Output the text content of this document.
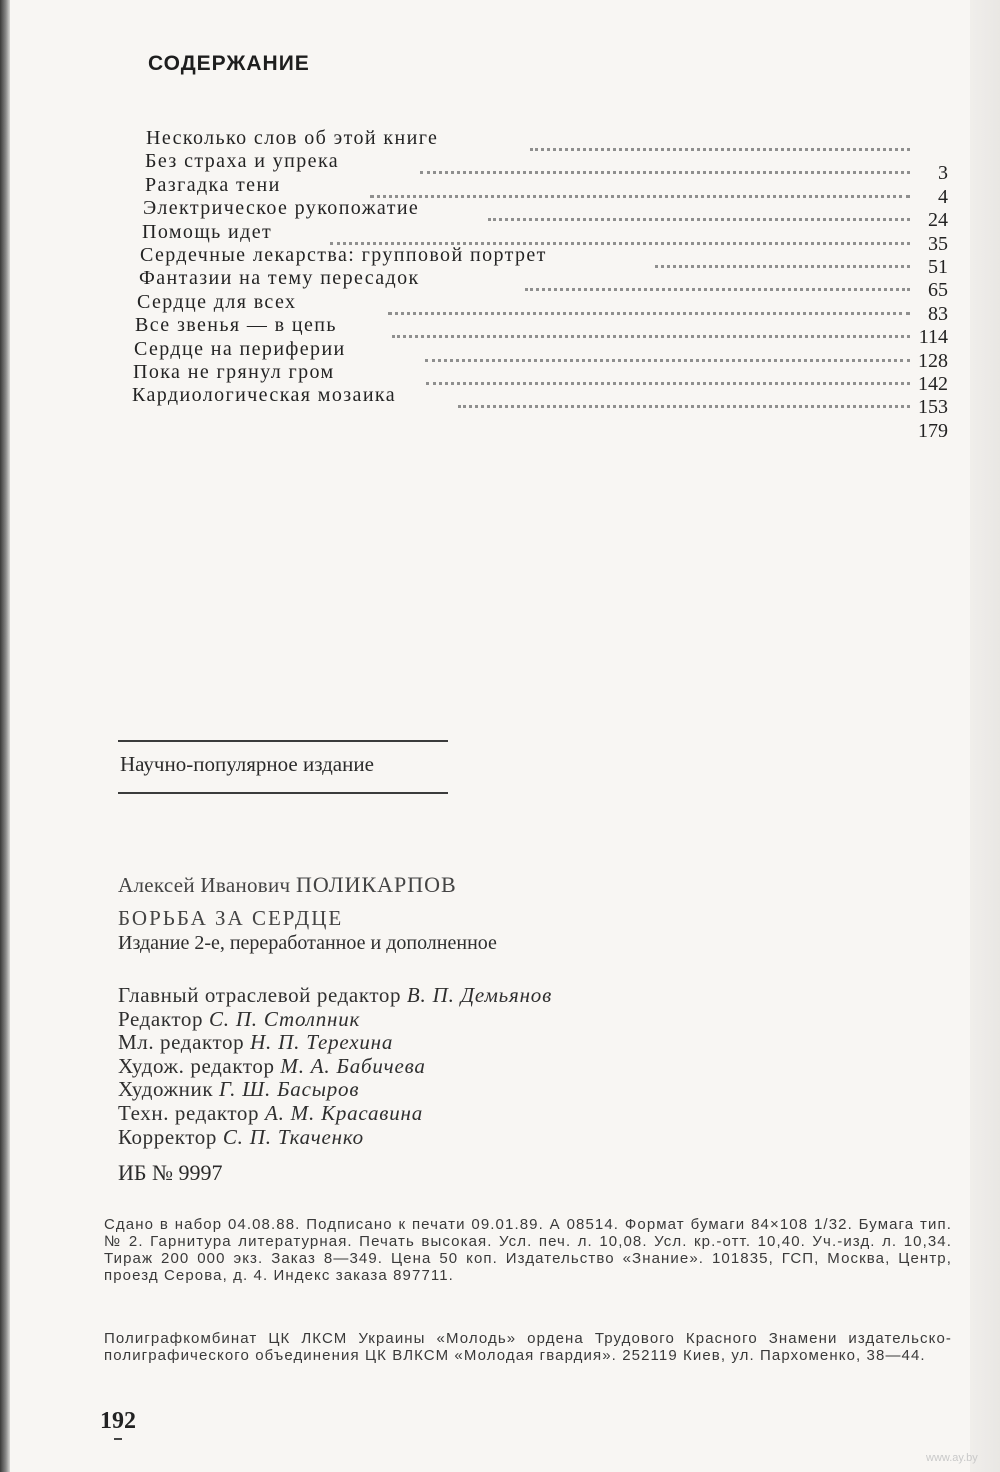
СОДЕРЖАНИЕ
Несколько слов об этой книге
Без страха и упрека
3
Разгадка тени
4
Электрическое рукопожатие
24
Помощь идет
35
Сердечные лекарства: групповой портрет
51
Фантазии на тему пересадок
65
Сердце для всех
83
Все звенья — в цепь
114
Сердце на периферии
128
Пока не грянул гром
142
Кардиологическая мозаика
153
179
Научно-популярное издание
Алексей Иванович ПОЛИКАРПОВ
БОРЬБА ЗА СЕРДЦЕ
Издание 2-е, переработанное и дополненное
Главный отраслевой редактор В. П. Демьянов
Редактор С. П. Столпник
Мл. редактор Н. П. Терехина
Худож. редактор М. А. Бабичева
Художник Г. Ш. Басыров
Техн. редактор А. М. Красавина
Корректор С. П. Ткаченко
ИБ № 9997
Сдано в набор 04.08.88. Подписано к печати 09.01.89. А 08514. Формат бумаги 84×108 1/32. Бумага тип. № 2. Гарнитура литературная. Печать высокая. Усл. печ. л. 10,08. Усл. кр.-отт. 10,40. Уч.-изд. л. 10,34. Тираж 200 000 экз. Заказ 8—349. Цена 50 коп. Издательство «Знание». 101835, ГСП, Москва, Центр, проезд Серова, д. 4. Индекс заказа 897711.
Полиграфкомбинат ЦК ЛКСМ Украины «Молодь» ордена Трудового Красного Знамени издательско-полиграфического объединения ЦК ВЛКСМ «Молодая гвардия». 252119 Киев, ул. Пархоменко, 38—44.
192
www.ay.by
